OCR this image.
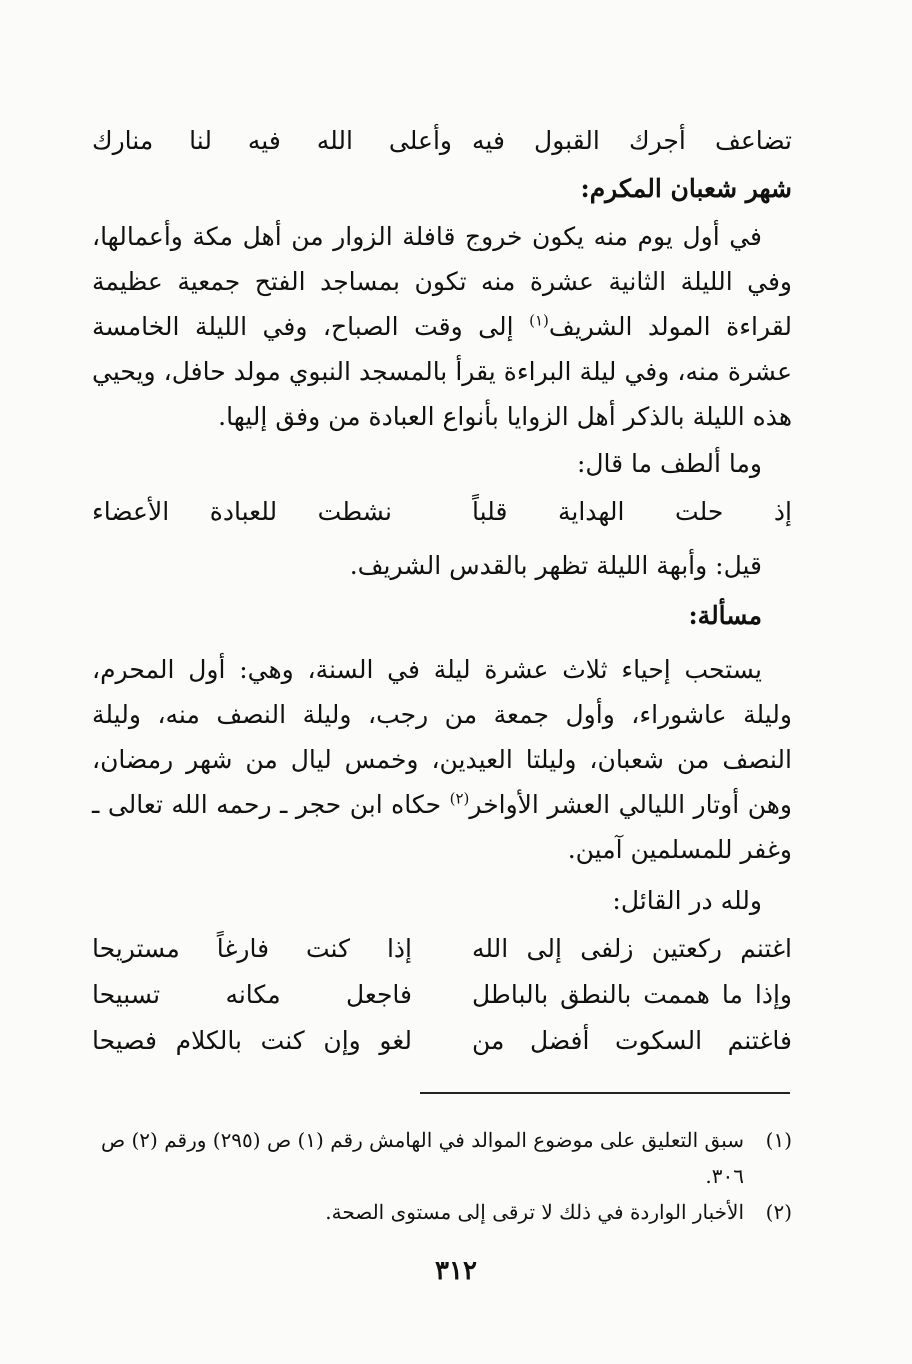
تضاعف أجرك القبول فيه
وأعلى الله فيه لنا منارك
شهر شعبان المكرم:
في أول يوم منه يكون خروج قافلة الزوار من أهل مكة وأعمالها، وفي الليلة الثانية عشرة منه تكون بمساجد الفتح جمعية عظيمة لقراءة المولد الشريف$^{(١)}$ إلى وقت الصباح، وفي الليلة الخامسة عشرة منه، وفي ليلة البراءة يقرأ بالمسجد النبوي مولد حافل، ويحيي هذه الليلة بالذكر أهل الزوايا بأنواع العبادة من وفق إليها.
وما ألطف ما قال:
إذ حلت الهداية قلباً
نشطت للعبادة الأعضاء
قيل: وأبهة الليلة تظهر بالقدس الشريف.
مسألة:
يستحب إحياء ثلاث عشرة ليلة في السنة، وهي: أول المحرم، وليلة عاشوراء، وأول جمعة من رجب، وليلة النصف منه، وليلة النصف من شعبان، وليلتا العيدين، وخمس ليال من شهر رمضان، وهن أوتار الليالي العشر الأواخر$^{(٢)}$ حكاه ابن حجر ـ رحمه الله تعالى ـ وغفر للمسلمين آمين.
ولله در القائل:
اغتنم ركعتين زلفى إلى الله
إذا كنت فارغاً مستريحا
وإذا ما هممت بالنطق بالباطل
فاجعل مكانه تسبيحا
فاغتنم السكوت أفضل من
لغو وإن كنت بالكلام فصيحا
(١)
سبق التعليق على موضوع الموالد في الهامش رقم (١) ص (٢٩٥) ورقم (٢) ص ٣٠٦.
(٢)
الأخبار الواردة في ذلك لا ترقى إلى مستوى الصحة.
٣١٢
